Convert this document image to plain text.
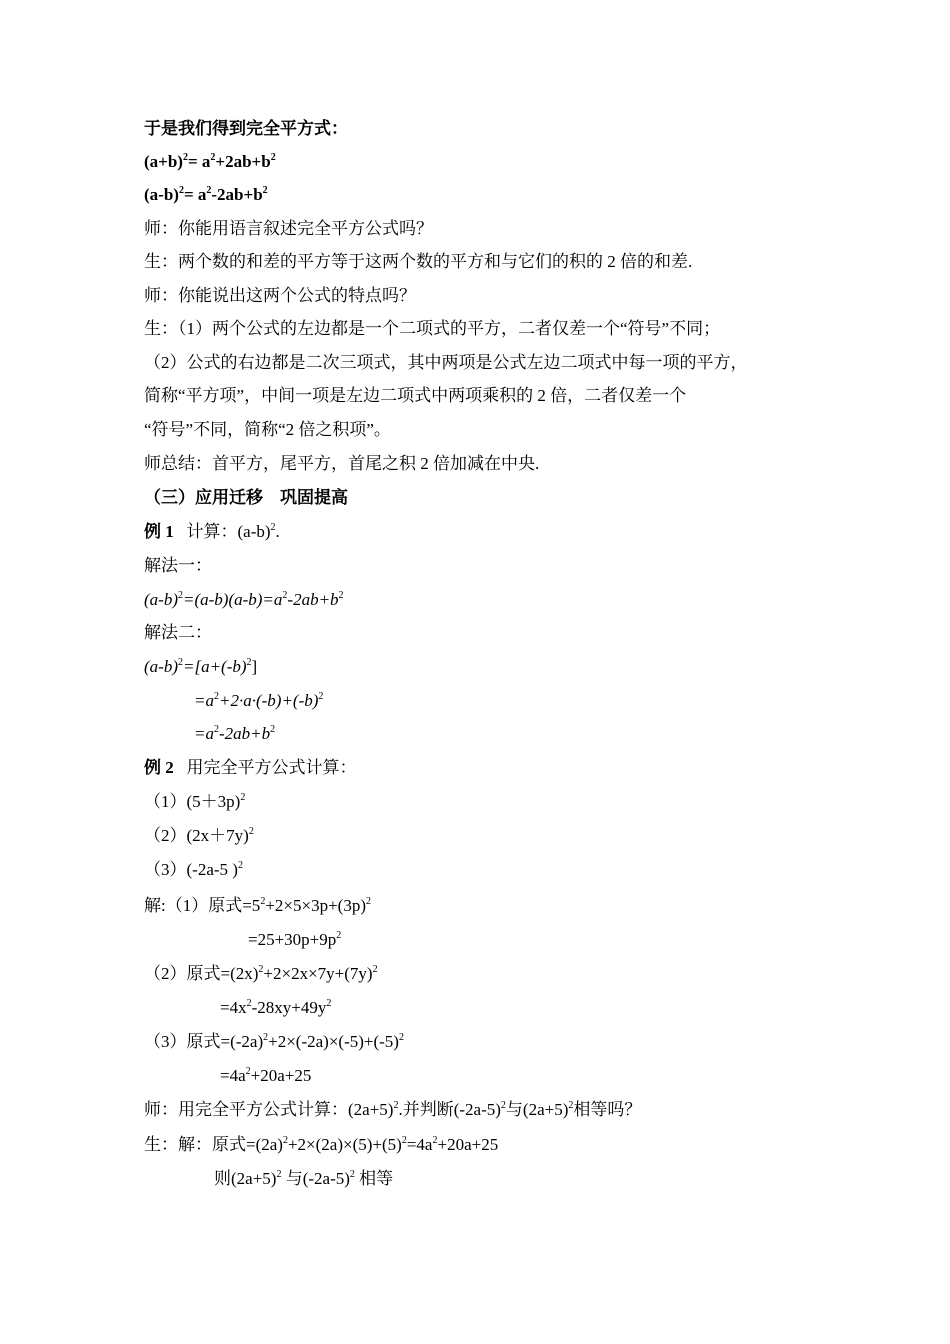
于是我们得到完全平方式：
$(a+b)^2= a^2+2ab+b^2$
$(a-b)^2= a^2-2ab+b^2$
师：你能用语言叙述完全平方公式吗？
生：两个数的和差的平方等于这两个数的平方和与它们的积的 2 倍的和差.
师：你能说出这两个公式的特点吗？
生：（1）两个公式的左边都是一个二项式的平方，二者仅差一个“符号”不同；
（2）公式的右边都是二次三项式，其中两项是公式左边二项式中每一项的平方，
简称“平方项”，中间一项是左边二项式中两项乘积的 2 倍，二者仅差一个
“符号”不同，简称“2 倍之积项”。
师总结：首平方，尾平方，首尾之积 2 倍加减在中央.
（三）应用迁移　巩固提高
例 1 计算：$(a-b)^2$.
解法一：
$(a-b)^2=(a-b)(a-b)=a^2-2ab+b^2$
解法二：
$(a-b)^2=[a+(-b)^2]$
$=a^2+2\cdot a\cdot(-b)+(-b)^2$
$=a^2-2ab+b^2$
例 2 用完全平方公式计算：
$(1)(5+3p)^2$
$(2)(2x+7y)^2$
（3）(-2a-5 )$^2$
解:（1）原式$=5^2+2\times 5\times 3p+(3p)^2$
$=25+30p+9p^2$
（2）原式$=(2x)^2+2\times 2x\times 7y+(7y)^2$
$=4x^2-28xy+49y^2$
（3）原式$=(-2a)^2+2\times(-2a)\times(-5)+(-5)^2$
$=4a^2+20a+25$
师：用完全平方公式计算：$(2a+5)^2$.并判断$(-2a-5)^2$与$(2a+5)^2$相等吗？
生：解：原式$=(2a)^2+2\times(2a)\times(5)+(5)^2=4a^2+20a+25$
则$(2a+5)^2$ 与$(-2a-5)^2$ 相等
